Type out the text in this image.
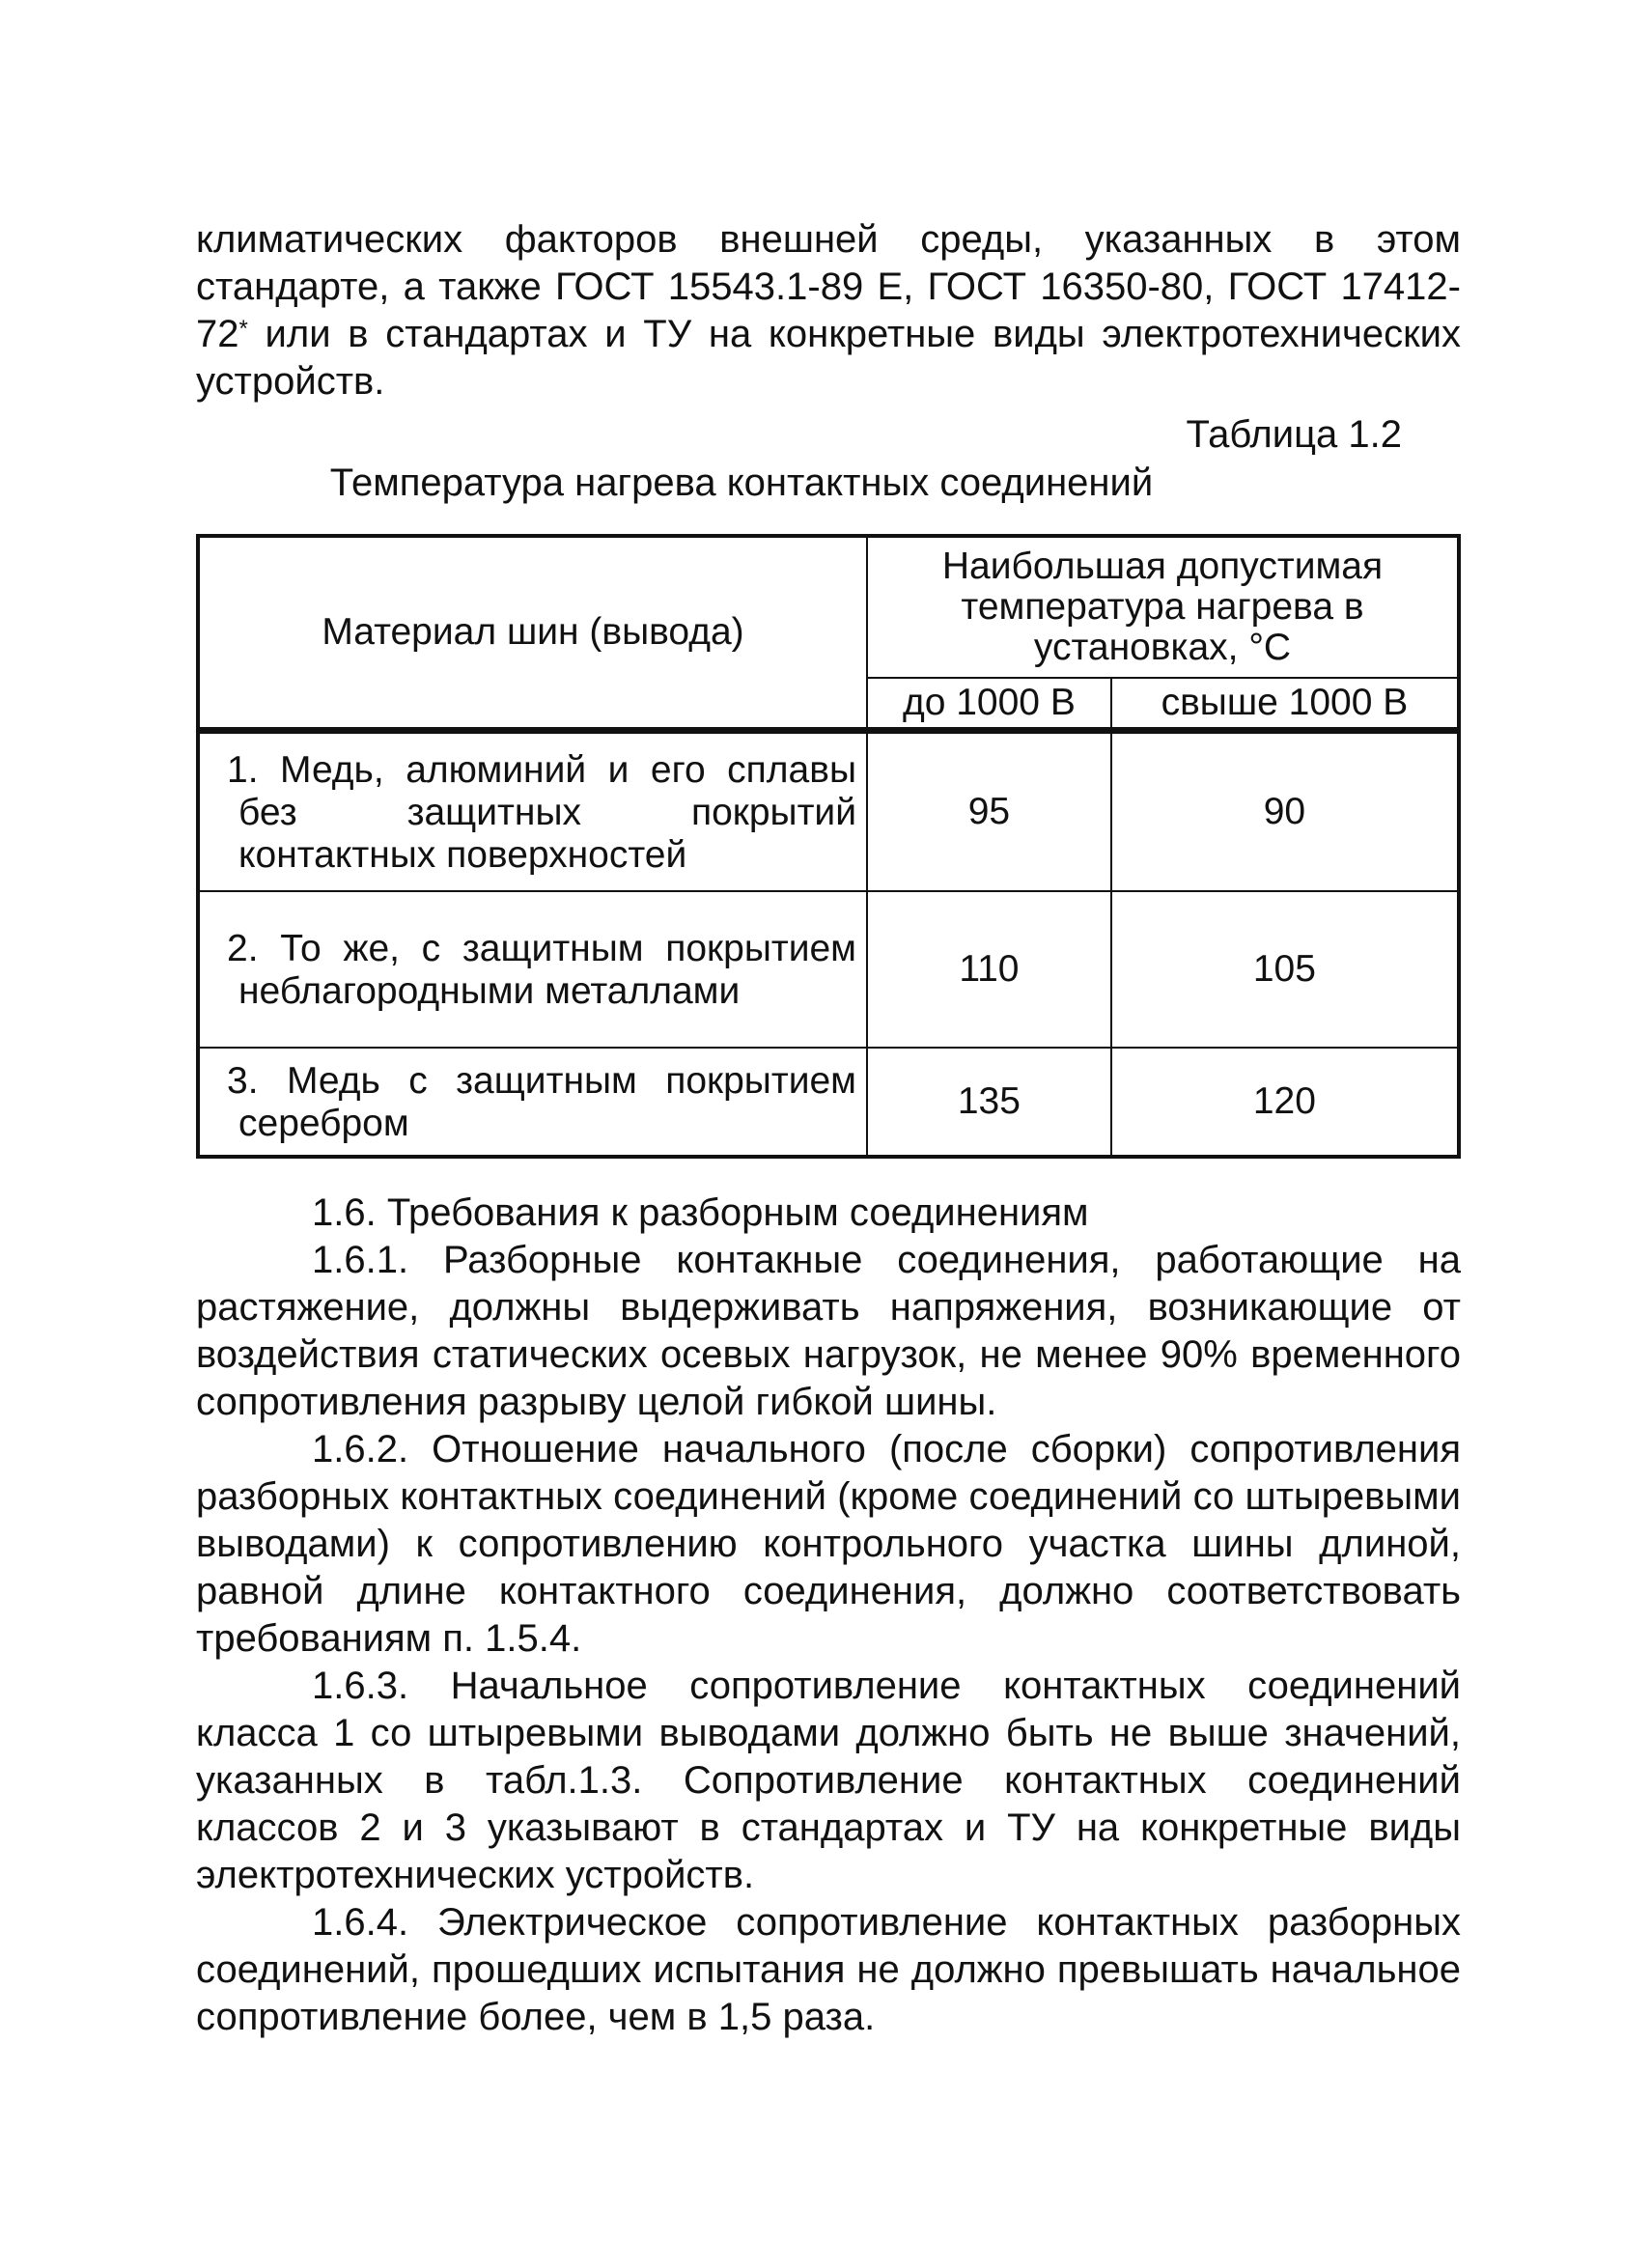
климатических факторов внешней среды, указанных в этом стандарте, а также ГОСТ 15543.1-89 Е, ГОСТ 16350-80, ГОСТ 17412-72* или в стандартах и ТУ на конкретные виды электротехнических устройств.

Таблица 1.2
Температура нагрева контактных соединений
Материал шин (вывода)	Наибольшая допустимая температура нагрева в установках, °С	
	до 1000 В	свыше 1000 В
1. Медь, алюминий и его сплавы без защитных покрытий контактных поверхностей	95	90
2. То же, с защитным покрытием неблагородными металлами	110	105
3. Медь с защитным покрытием серебром	135	120

1.6. Требования к разборным соединениям

1.6.1. Разборные контакные соединения, работающие на растяжение, должны выдерживать напряжения, возникающие от воздействия статических осевых нагрузок, не менее 90% временного сопротивления разрыву целой гибкой шины.

1.6.2. Отношение начального (после сборки) сопротивления разборных контактных соединений (кроме соединений со штыревыми выводами) к сопротивлению контрольного участка шины длиной, равной длине контактного соединения, должно соответствовать требованиям п. 1.5.4.

1.6.3. Начальное сопротивление контактных соединений класса 1 со штыревыми выводами должно быть не выше значений, указанных в табл.1.3. Сопротивление контактных соединений классов 2 и 3 указывают в стандартах и ТУ на конкретные виды электротехнических устройств.

1.6.4. Электрическое сопротивление контактных разборных соединений, прошедших испытания не должно превышать начальное сопротивление более, чем в 1,5 раза.
